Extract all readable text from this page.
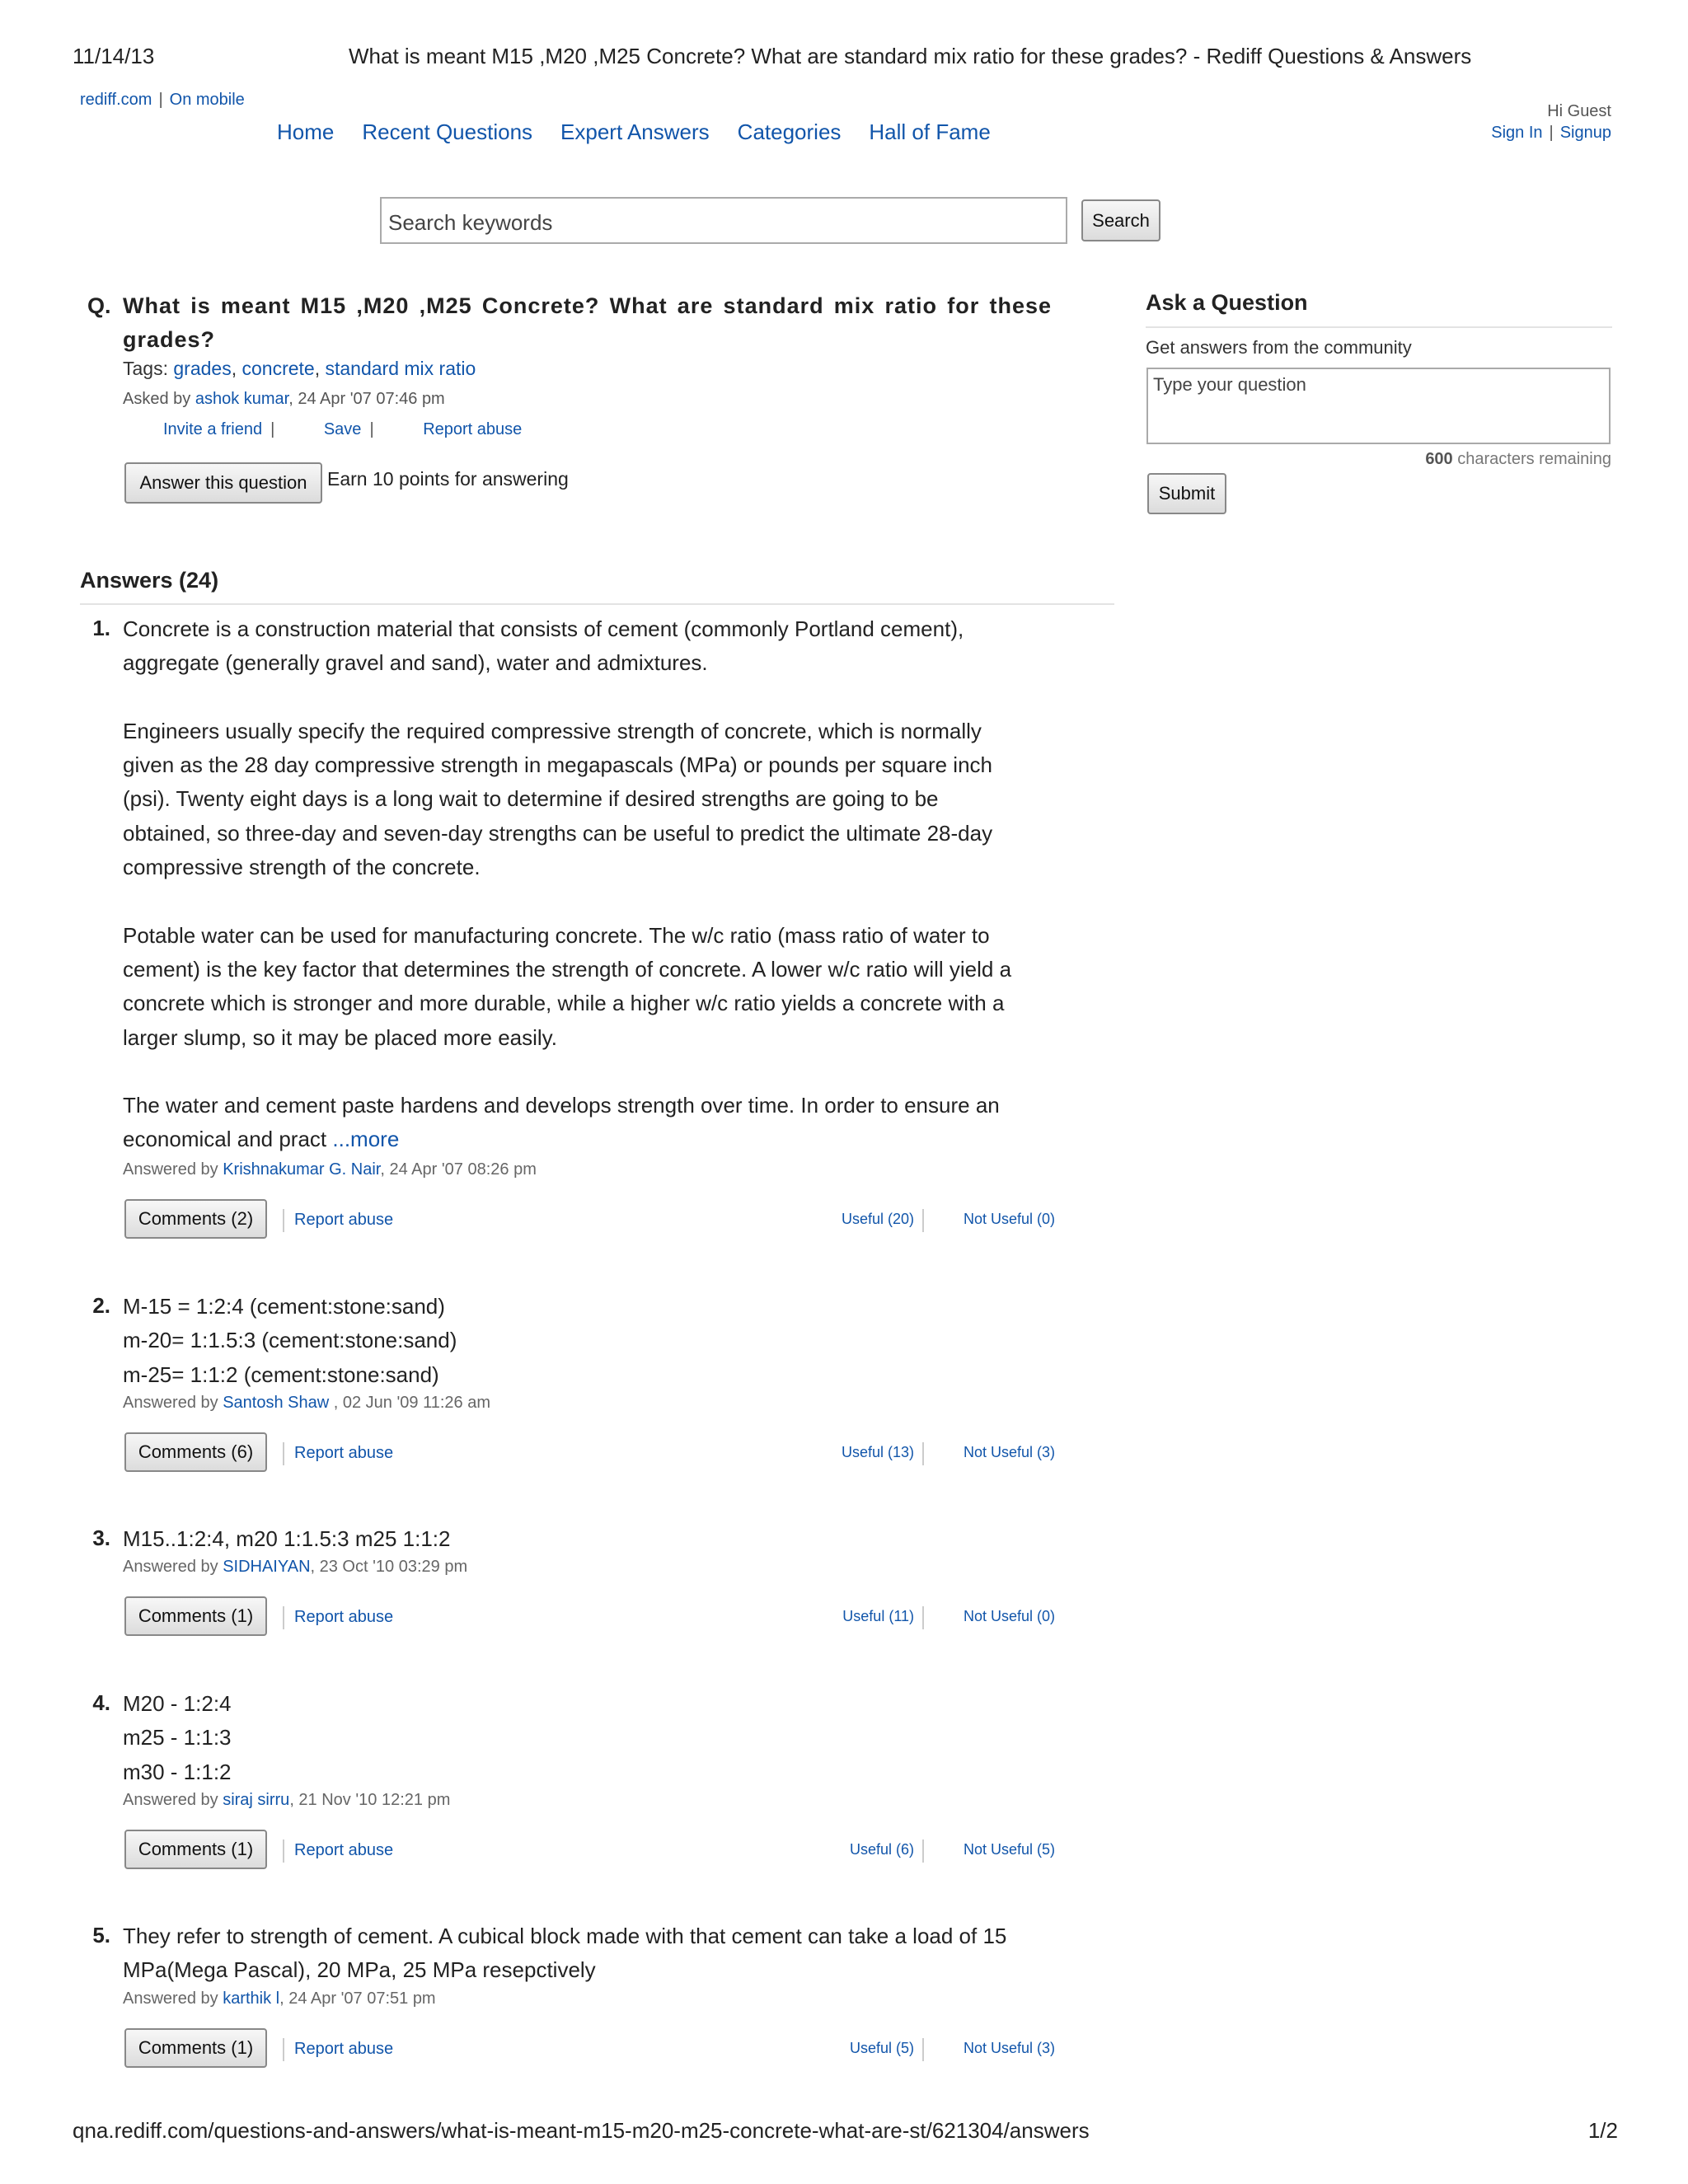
11/14/13	What is meant M15 ,M20 ,M25 Concrete? What are standard mix ratio for these grades? - Rediff Questions & Answers
rediff.com | On mobile
Home Recent Questions Expert Answers Categories Hall of Fame
Hi Guest
Sign In | Signup
Search keywords	Search
Q. What is meant M15 ,M20 ,M25 Concrete? What are standard mix ratio for these grades?
Tags: grades, concrete, standard mix ratio
Asked by ashok kumar, 24 Apr '07 07:46 pm
Invite a friend |	Save |	Report abuse
Answer this question	Earn 10 points for answering
Ask a Question
Get answers from the community
Type your question
600 characters remaining
Submit
Answers (24)
1. Concrete is a construction material that consists of cement (commonly Portland cement),
aggregate (generally gravel and sand), water and admixtures.
Engineers usually specify the required compressive strength of concrete, which is normally
given as the 28 day compressive strength in megapascals (MPa) or pounds per square inch
(psi). Twenty eight days is a long wait to determine if desired strengths are going to be
obtained, so three-day and seven-day strengths can be useful to predict the ultimate 28-day
compressive strength of the concrete.
Potable water can be used for manufacturing concrete. The w/c ratio (mass ratio of water to
cement) is the key factor that determines the strength of concrete. A lower w/c ratio will yield a
concrete which is stronger and more durable, while a higher w/c ratio yields a concrete with a
larger slump, so it may be placed more easily.
The water and cement paste hardens and develops strength over time. In order to ensure an
economical and pract ...more
Answered by Krishnakumar G. Nair, 24 Apr '07 08:26 pm
Comments (2)	Report abuse	Useful (20)	Not Useful (0)
2. M-15 = 1:2:4 (cement:stone:sand)
m-20= 1:1.5:3 (cement:stone:sand)
m-25= 1:1:2 (cement:stone:sand)
Answered by Santosh Shaw , 02 Jun '09 11:26 am
Comments (6)	Report abuse	Useful (13)	Not Useful (3)
3. M15..1:2:4, m20 1:1.5:3 m25 1:1:2
Answered by SIDHAIYAN, 23 Oct '10 03:29 pm
Comments (1)	Report abuse	Useful (11)	Not Useful (0)
4. M20 - 1:2:4
m25 - 1:1:3
m30 - 1:1:2
Answered by siraj sirru, 21 Nov '10 12:21 pm
Comments (1)	Report abuse	Useful (6)	Not Useful (5)
5. They refer to strength of cement. A cubical block made with that cement can take a load of 15
MPa(Mega Pascal), 20 MPa, 25 MPa resepctively
Answered by karthik l, 24 Apr '07 07:51 pm
Comments (1)	Report abuse	Useful (5)	Not Useful (3)
qna.rediff.com/questions-and-answers/what-is-meant-m15-m20-m25-concrete-what-are-st/621304/answers	1/2
